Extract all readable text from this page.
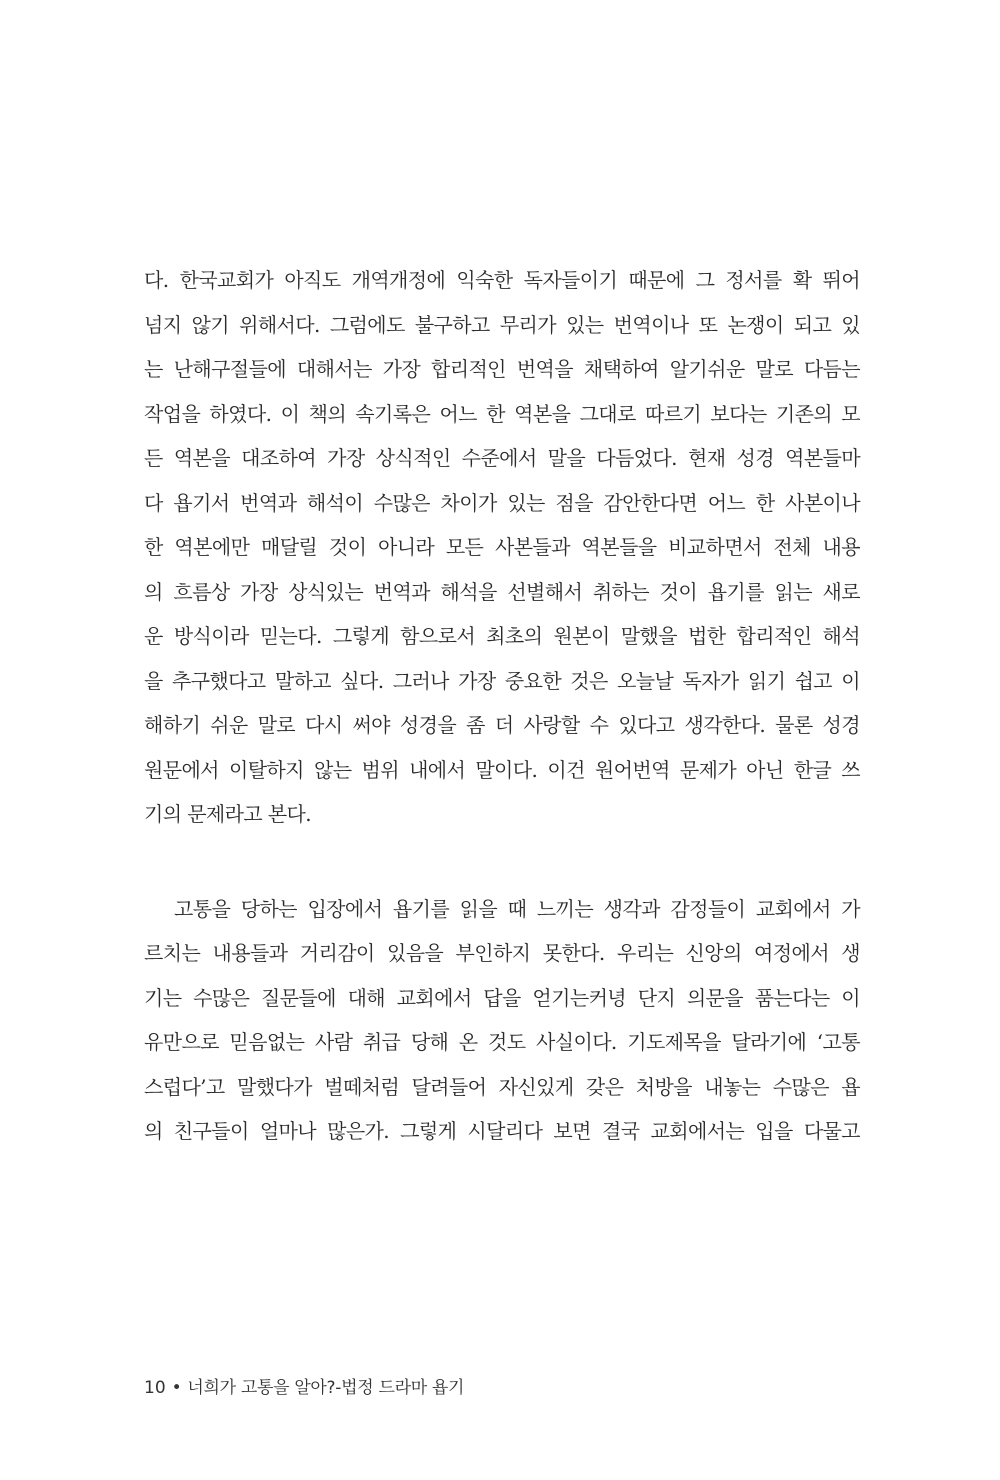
다. 한국교회가 아직도 개역개정에 익숙한 독자들이기 때문에 그 정서를 확 뛰어
넘지 않기 위해서다. 그럼에도 불구하고 무리가 있는 번역이나 또 논쟁이 되고 있
는 난해구절들에 대해서는 가장 합리적인 번역을 채택하여 알기쉬운 말로 다듬는
작업을 하였다. 이 책의 속기록은 어느 한 역본을 그대로 따르기 보다는 기존의 모
든 역본을 대조하여 가장 상식적인 수준에서 말을 다듬었다. 현재 성경 역본들마
다 욥기서 번역과 해석이 수많은 차이가 있는 점을 감안한다면 어느 한 사본이나
한 역본에만 매달릴 것이 아니라 모든 사본들과 역본들을 비교하면서 전체 내용
의 흐름상 가장 상식있는 번역과 해석을 선별해서 취하는 것이 욥기를 읽는 새로
운 방식이라 믿는다. 그렇게 함으로서 최초의 원본이 말했을 법한 합리적인 해석
을 추구했다고 말하고 싶다. 그러나 가장 중요한 것은 오늘날 독자가 읽기 쉽고 이
해하기 쉬운 말로 다시 써야 성경을 좀 더 사랑할 수 있다고 생각한다. 물론 성경
원문에서 이탈하지 않는 범위 내에서 말이다. 이건 원어번역 문제가 아닌 한글 쓰
기의 문제라고 본다.
고통을 당하는 입장에서 욥기를 읽을 때 느끼는 생각과 감정들이 교회에서 가
르치는 내용들과 거리감이 있음을 부인하지 못한다. 우리는 신앙의 여정에서 생
기는 수많은 질문들에 대해 교회에서 답을 얻기는커녕 단지 의문을 품는다는 이
유만으로 믿음없는 사람 취급 당해 온 것도 사실이다. 기도제목을 달라기에 ‘고통
스럽다’고 말했다가 벌떼처럼 달려들어 자신있게 갖은 처방을 내놓는 수많은 욥
의 친구들이 얼마나 많은가. 그렇게 시달리다 보면 결국 교회에서는 입을 다물고
10 • 너희가 고통을 알아?-법정 드라마 욥기
